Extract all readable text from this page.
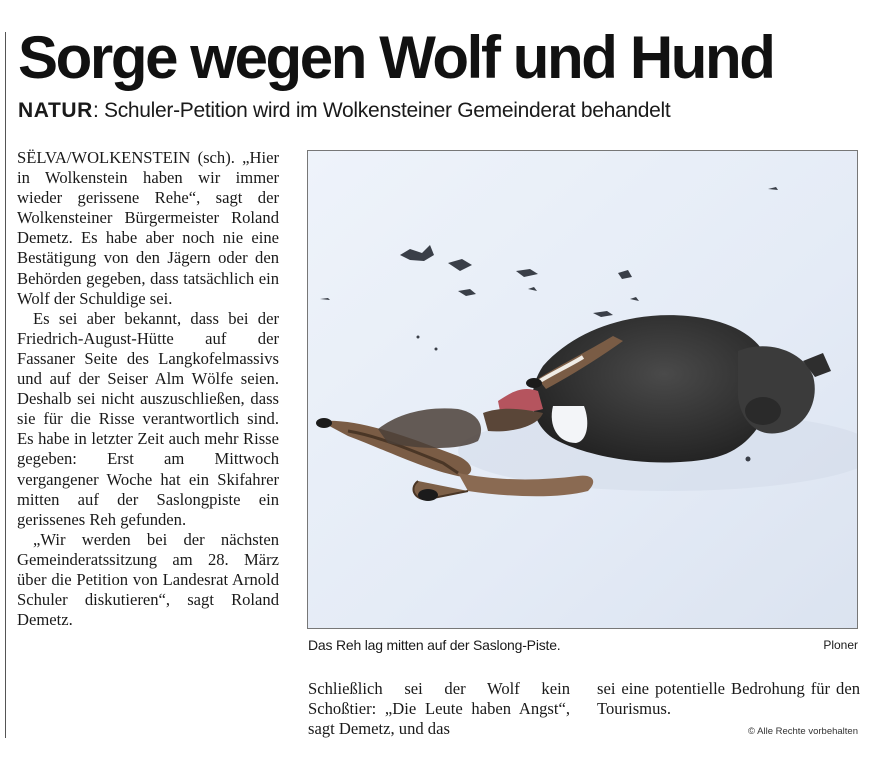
Sorge wegen Wolf und Hund
NATUR: Schuler-Petition wird im Wolkensteiner Gemeinderat behandelt

SËLVA/WOLKENSTEIN (sch). „Hier in Wolkenstein haben wir immer wieder gerissene Rehe“, sagt der Wolkensteiner Bürgermeister Roland Demetz. Es habe aber noch nie eine Bestätigung von den Jägern oder den Behörden gegeben, dass tatsächlich ein Wolf der Schuldige sei.

Es sei aber bekannt, dass bei der Friedrich-August-Hütte auf der Fassaner Seite des Langkofelmassivs und auf der Seiser Alm Wölfe seien. Deshalb sei nicht auszuschließen, dass sie für die Risse verantwortlich sind. Es habe in letzter Zeit auch mehr Risse gegeben: Erst am Mittwoch vergangener Woche hat ein Skifahrer mitten auf der Saslongpiste ein gerissenes Reh gefunden.

„Wir werden bei der nächsten Gemeinderatssitzung am 28. März über die Petition von Landesrat Arnold Schuler diskutieren“, sagt Roland Demetz.

Das Reh lag mitten auf der Saslong-Piste.	Ploner

Schließlich sei der Wolf kein Schoßtier: „Die Leute haben Angst“, sagt Demetz, und das

sei eine potentielle Bedrohung für den Tourismus.

© Alle Rechte vorbehalten
